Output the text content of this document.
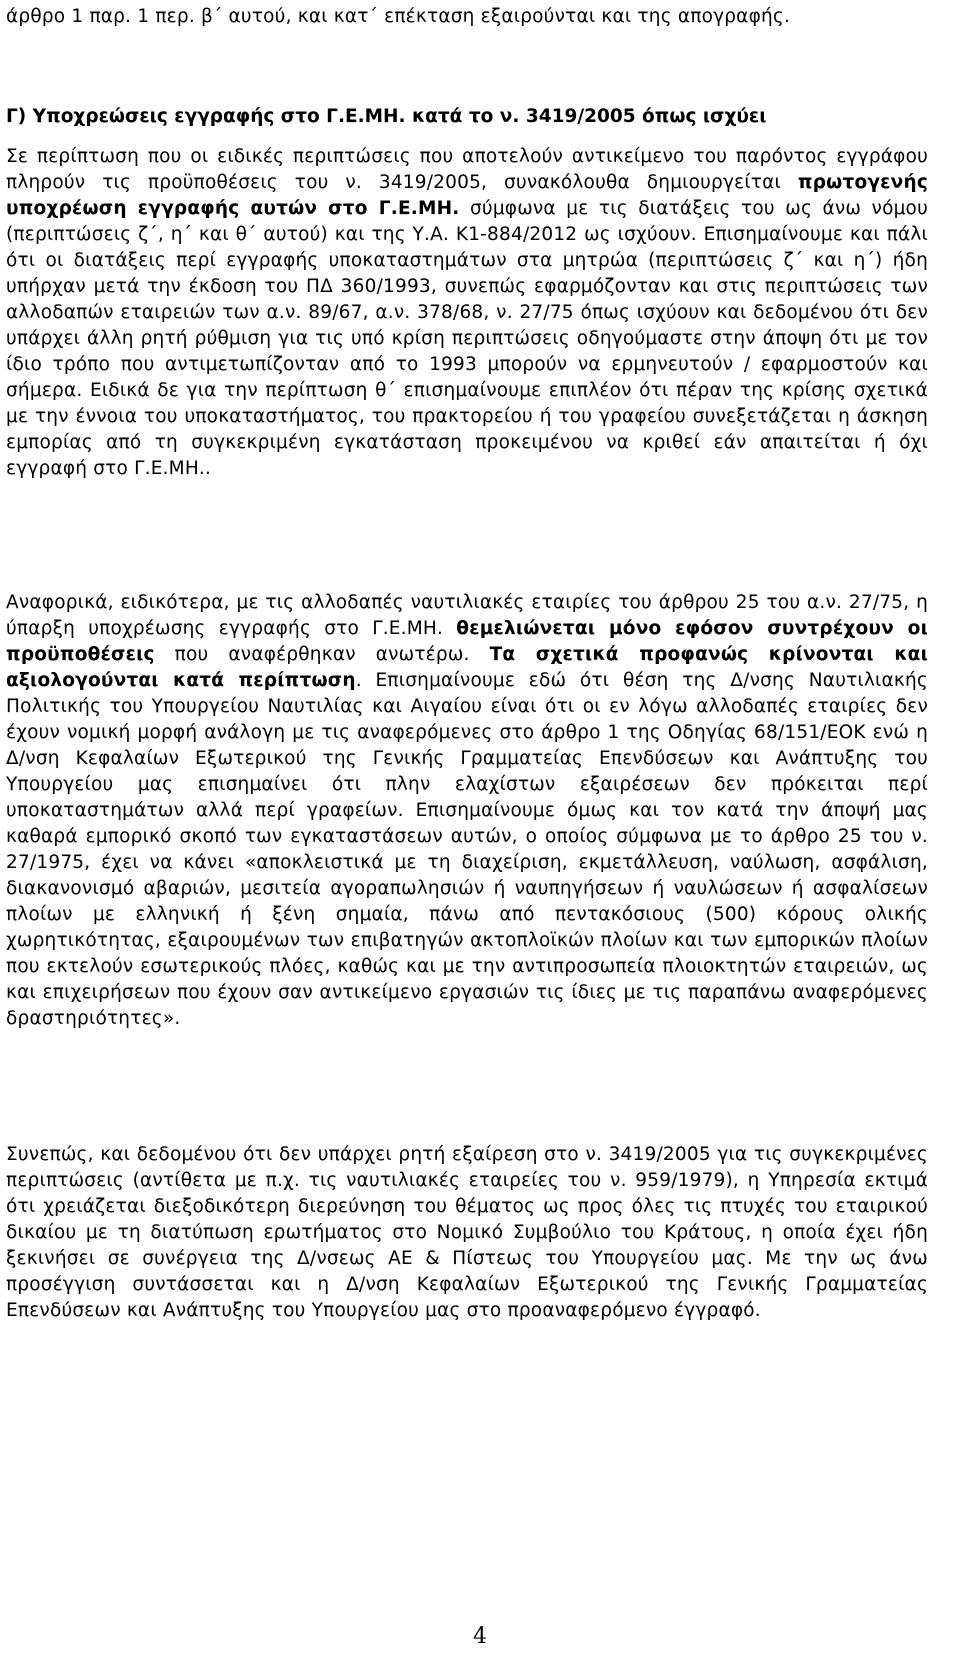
άρθρο 1 παρ. 1 περ. β΄ αυτού, και κατ΄ επέκταση εξαιρούνται και της απογραφής.

Γ) Υποχρεώσεις εγγραφής στο Γ.Ε.ΜΗ. κατά το ν. 3419/2005 όπως ισχύει

Σε περίπτωση που οι ειδικές περιπτώσεις που αποτελούν αντικείμενο του παρόντος εγγράφου πληρούν τις προϋποθέσεις του ν. 3419/2005, συνακόλουθα δημιουργείται πρωτογενής υποχρέωση εγγραφής αυτών στο Γ.Ε.ΜΗ. σύμφωνα με τις διατάξεις του ως άνω νόμου (περιπτώσεις ζ΄, η΄ και θ΄ αυτού) και της Υ.Α. Κ1-884/2012 ως ισχύουν. Επισημαίνουμε και πάλι ότι οι διατάξεις περί εγγραφής υποκαταστημάτων στα μητρώα (περιπτώσεις ζ΄ και η΄) ήδη υπήρχαν μετά την έκδοση του ΠΔ 360/1993, συνεπώς εφαρμόζονταν και στις περιπτώσεις των αλλοδαπών εταιρειών των α.ν. 89/67, α.ν. 378/68, ν. 27/75 όπως ισχύουν και δεδομένου ότι δεν υπάρχει άλλη ρητή ρύθμιση για τις υπό κρίση περιπτώσεις οδηγούμαστε στην άποψη ότι με τον ίδιο τρόπο που αντιμετωπίζονταν από το 1993 μπορούν να ερμηνευτούν / εφαρμοστούν και σήμερα. Ειδικά δε για την περίπτωση θ΄ επισημαίνουμε επιπλέον ότι πέραν της κρίσης σχετικά με την έννοια του υποκαταστήματος, του πρακτορείου ή του γραφείου συνεξετάζεται η άσκηση εμπορίας από τη συγκεκριμένη εγκατάσταση προκειμένου να κριθεί εάν απαιτείται ή όχι εγγραφή στο Γ.Ε.ΜΗ..

Αναφορικά, ειδικότερα, με τις αλλοδαπές ναυτιλιακές εταιρίες του άρθρου 25 του α.ν. 27/75, η ύπαρξη υποχρέωσης εγγραφής στο Γ.Ε.ΜΗ. θεμελιώνεται μόνο εφόσον συντρέχουν οι προϋποθέσεις που αναφέρθηκαν ανωτέρω. Τα σχετικά προφανώς κρίνονται και αξιολογούνται κατά περίπτωση. Επισημαίνουμε εδώ ότι θέση της Δ/νσης Ναυτιλιακής Πολιτικής του Υπουργείου Ναυτιλίας και Αιγαίου είναι ότι οι εν λόγω αλλοδαπές εταιρίες δεν έχουν νομική μορφή ανάλογη με τις αναφερόμενες στο άρθρο 1 της Οδηγίας 68/151/ΕΟΚ ενώ η Δ/νση Κεφαλαίων Εξωτερικού της Γενικής Γραμματείας Επενδύσεων και Ανάπτυξης του Υπουργείου μας επισημαίνει ότι πλην ελαχίστων εξαιρέσεων δεν πρόκειται περί υποκαταστημάτων αλλά περί γραφείων. Επισημαίνουμε όμως και τον κατά την άποψή μας καθαρά εμπορικό σκοπό των εγκαταστάσεων αυτών, ο οποίος σύμφωνα με το άρθρο 25 του ν. 27/1975, έχει να κάνει «αποκλειστικά με τη διαχείριση, εκμετάλλευση, ναύλωση, ασφάλιση, διακανονισμό αβαριών, μεσιτεία αγοραπωλησιών ή ναυπηγήσεων ή ναυλώσεων ή ασφαλίσεων πλοίων με ελληνική ή ξένη σημαία, πάνω από πεντακόσιους (500) κόρους ολικής χωρητικότητας, εξαιρουμένων των επιβατηγών ακτοπλοϊκών πλοίων και των εμπορικών πλοίων που εκτελούν εσωτερικούς πλόες, καθώς και με την αντιπροσωπεία πλοιοκτητών εταιρειών, ως και επιχειρήσεων που έχουν σαν αντικείμενο εργασιών τις ίδιες με τις παραπάνω αναφερόμενες δραστηριότητες».

Συνεπώς, και δεδομένου ότι δεν υπάρχει ρητή εξαίρεση στο ν. 3419/2005 για τις συγκεκριμένες περιπτώσεις (αντίθετα με π.χ. τις ναυτιλιακές εταιρείες του ν. 959/1979), η Υπηρεσία εκτιμά ότι χρειάζεται διεξοδικότερη διερεύνηση του θέματος ως προς όλες τις πτυχές του εταιρικού δικαίου με τη διατύπωση ερωτήματος στο Νομικό Συμβούλιο του Κράτους, η οποία έχει ήδη ξεκινήσει σε συνέργεια της Δ/νσεως ΑΕ & Πίστεως του Υπουργείου μας. Με την ως άνω προσέγγιση συντάσσεται και η Δ/νση Κεφαλαίων Εξωτερικού της Γενικής Γραμματείας Επενδύσεων και Ανάπτυξης του Υπουργείου μας στο προαναφερόμενο έγγραφό.

4
